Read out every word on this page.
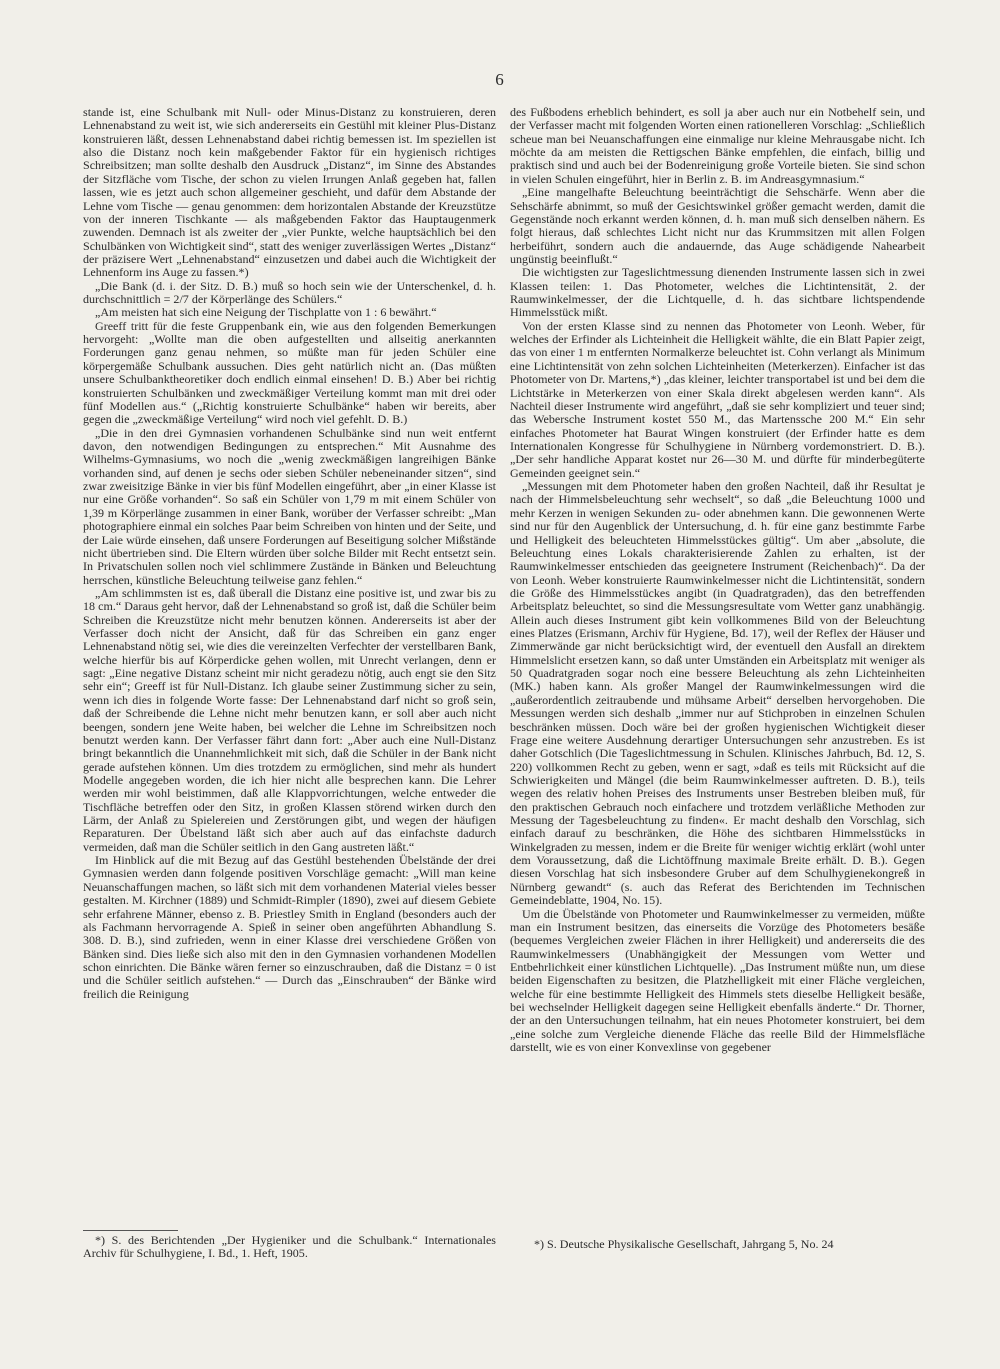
6

stande ist, eine Schulbank mit Null- oder Minus-Distanz zu konstruieren, deren Lehnenabstand zu weit ist, wie sich andererseits ein Gestühl mit kleiner Plus-Distanz konstruieren läßt, dessen Lehnenabstand dabei richtig bemessen ist. Im speziellen ist also die Distanz noch kein maßgebender Faktor für ein hygienisch richtiges Schreibsitzen; man sollte deshalb den Ausdruck „Distanz“, im Sinne des Abstandes der Sitzfläche vom Tische, der schon zu vielen Irrungen Anlaß gegeben hat, fallen lassen, wie es jetzt auch schon allgemeiner geschieht, und dafür dem Abstande der Lehne vom Tische — genau genommen: dem horizontalen Abstande der Kreuzstütze von der inneren Tischkante — als maßgebenden Faktor das Hauptaugenmerk zuwenden. Demnach ist als zweiter der „vier Punkte, welche hauptsächlich bei den Schulbänken von Wichtigkeit sind“, statt des weniger zuverlässigen Wertes „Distanz“ der präzisere Wert „Lehnenabstand“ einzusetzen und dabei auch die Wichtigkeit der Lehnenform ins Auge zu fassen.*)

„Die Bank (d. i. der Sitz. D. B.) muß so hoch sein wie der Unterschenkel, d. h. durchschnittlich = 2/7 der Körperlänge des Schülers.“

„Am meisten hat sich eine Neigung der Tischplatte von 1 : 6 bewährt.“

Greeff tritt für die feste Gruppenbank ein, wie aus den folgenden Bemerkungen hervorgeht: „Wollte man die oben aufgestellten und allseitig anerkannten Forderungen ganz genau nehmen, so müßte man für jeden Schüler eine körpergemäße Schulbank aussuchen. Dies geht natürlich nicht an. (Das müßten unsere Schulbanktheoretiker doch endlich einmal einsehen! D. B.) Aber bei richtig konstruierten Schulbänken und zweckmäßiger Verteilung kommt man mit drei oder fünf Modellen aus.“ („Richtig konstruierte Schulbänke“ haben wir bereits, aber gegen die „zweckmäßige Verteilung“ wird noch viel gefehlt. D. B.)

„Die in den drei Gymnasien vorhandenen Schulbänke sind nun weit entfernt davon, den notwendigen Bedingungen zu entsprechen.“ Mit Ausnahme des Wilhelms-Gymnasiums, wo noch die „wenig zweckmäßigen langreihigen Bänke vorhanden sind, auf denen je sechs oder sieben Schüler nebeneinander sitzen“, sind zwar zweisitzige Bänke in vier bis fünf Modellen eingeführt, aber „in einer Klasse ist nur eine Größe vorhanden“. So saß ein Schüler von 1,79 m mit einem Schüler von 1,39 m Körperlänge zusammen in einer Bank, worüber der Verfasser schreibt: „Man photographiere einmal ein solches Paar beim Schreiben von hinten und der Seite, und der Laie würde einsehen, daß unsere Forderungen auf Beseitigung solcher Mißstände nicht übertrieben sind. Die Eltern würden über solche Bilder mit Recht entsetzt sein. In Privatschulen sollen noch viel schlimmere Zustände in Bänken und Beleuchtung herrschen, künstliche Beleuchtung teilweise ganz fehlen.“

„Am schlimmsten ist es, daß überall die Distanz eine positive ist, und zwar bis zu 18 cm.“ Daraus geht hervor, daß der Lehnenabstand so groß ist, daß die Schüler beim Schreiben die Kreuzstütze nicht mehr benutzen können. Andererseits ist aber der Verfasser doch nicht der Ansicht, daß für das Schreiben ein ganz enger Lehnenabstand nötig sei, wie dies die vereinzelten Verfechter der verstellbaren Bank, welche hierfür bis auf Körperdicke gehen wollen, mit Unrecht verlangen, denn er sagt: „Eine negative Distanz scheint mir nicht geradezu nötig, auch engt sie den Sitz sehr ein“; Greeff ist für Null-Distanz. Ich glaube seiner Zustimmung sicher zu sein, wenn ich dies in folgende Worte fasse: Der Lehnenabstand darf nicht so groß sein, daß der Schreibende die Lehne nicht mehr benutzen kann, er soll aber auch nicht beengen, sondern jene Weite haben, bei welcher die Lehne im Schreibsitzen noch benutzt werden kann. Der Verfasser fährt dann fort: „Aber auch eine Null-Distanz bringt bekanntlich die Unannehmlichkeit mit sich, daß die Schüler in der Bank nicht gerade aufstehen können. Um dies trotzdem zu ermöglichen, sind mehr als hundert Modelle angegeben worden, die ich hier nicht alle besprechen kann. Die Lehrer werden mir wohl beistimmen, daß alle Klappvorrichtungen, welche entweder die Tischfläche betreffen oder den Sitz, in großen Klassen störend wirken durch den Lärm, der Anlaß zu Spielereien und Zerstörungen gibt, und wegen der häufigen Reparaturen. Der Übelstand läßt sich aber auch auf das einfachste dadurch vermeiden, daß man die Schüler seitlich in den Gang austreten läßt.“

Im Hinblick auf die mit Bezug auf das Gestühl bestehenden Übelstände der drei Gymnasien werden dann folgende positiven Vorschläge gemacht: „Will man keine Neuanschaffungen machen, so läßt sich mit dem vorhandenen Material vieles besser gestalten. M. Kirchner (1889) und Schmidt-Rimpler (1890), zwei auf diesem Gebiete sehr erfahrene Männer, ebenso z. B. Priestley Smith in England (besonders auch der als Fachmann hervorragende A. Spieß in seiner oben angeführten Abhandlung S. 308. D. B.), sind zufrieden, wenn in einer Klasse drei verschiedene Größen von Bänken sind. Dies ließe sich also mit den in den Gymnasien vorhandenen Modellen schon einrichten. Die Bänke wären ferner so einzuschrauben, daß die Distanz = 0 ist und die Schüler seitlich aufstehen.“ — Durch das „Einschrauben“ der Bänke wird freilich die Reinigung

des Fußbodens erheblich behindert, es soll ja aber auch nur ein Notbehelf sein, und der Verfasser macht mit folgenden Worten einen rationelleren Vorschlag: „Schließlich scheue man bei Neuanschaffungen eine einmalige nur kleine Mehrausgabe nicht. Ich möchte da am meisten die Rettigschen Bänke empfehlen, die einfach, billig und praktisch sind und auch bei der Bodenreinigung große Vorteile bieten. Sie sind schon in vielen Schulen eingeführt, hier in Berlin z. B. im Andreasgymnasium.“

„Eine mangelhafte Beleuchtung beeinträchtigt die Sehschärfe. Wenn aber die Sehschärfe abnimmt, so muß der Gesichtswinkel größer gemacht werden, damit die Gegenstände noch erkannt werden können, d. h. man muß sich denselben nähern. Es folgt hieraus, daß schlechtes Licht nicht nur das Krummsitzen mit allen Folgen herbeiführt, sondern auch die andauernde, das Auge schädigende Nahearbeit ungünstig beeinflußt.“

Die wichtigsten zur Tageslichtmessung dienenden Instrumente lassen sich in zwei Klassen teilen: 1. Das Photometer, welches die Lichtintensität, 2. der Raumwinkelmesser, der die Lichtquelle, d. h. das sichtbare lichtspendende Himmelsstück mißt.

Von der ersten Klasse sind zu nennen das Photometer von Leonh. Weber, für welches der Erfinder als Lichteinheit die Helligkeit wählte, die ein Blatt Papier zeigt, das von einer 1 m entfernten Normalkerze beleuchtet ist. Cohn verlangt als Minimum eine Lichtintensität von zehn solchen Lichteinheiten (Meterkerzen). Einfacher ist das Photometer von Dr. Martens,*) „das kleiner, leichter transportabel ist und bei dem die Lichtstärke in Meterkerzen von einer Skala direkt abgelesen werden kann“. Als Nachteil dieser Instrumente wird angeführt, „daß sie sehr kompliziert und teuer sind; das Webersche Instrument kostet 550 M., das Martenssche 200 M.“ Ein sehr einfaches Photometer hat Baurat Wingen konstruiert (der Erfinder hatte es dem Internationalen Kongresse für Schulhygiene in Nürnberg vordemonstriert. D. B.). „Der sehr handliche Apparat kostet nur 26—30 M. und dürfte für minderbegüterte Gemeinden geeignet sein.“

„Messungen mit dem Photometer haben den großen Nachteil, daß ihr Resultat je nach der Himmelsbeleuchtung sehr wechselt“, so daß „die Beleuchtung 1000 und mehr Kerzen in wenigen Sekunden zu- oder abnehmen kann. Die gewonnenen Werte sind nur für den Augenblick der Untersuchung, d. h. für eine ganz bestimmte Farbe und Helligkeit des beleuchteten Himmelsstückes gültig“. Um aber „absolute, die Beleuchtung eines Lokals charakterisierende Zahlen zu erhalten, ist der Raumwinkelmesser entschieden das geeignetere Instrument (Reichenbach)“. Da der von Leonh. Weber konstruierte Raumwinkelmesser nicht die Lichtintensität, sondern die Größe des Himmelsstückes angibt (in Quadratgraden), das den betreffenden Arbeitsplatz beleuchtet, so sind die Messungsresultate vom Wetter ganz unabhängig. Allein auch dieses Instrument gibt kein vollkommenes Bild von der Beleuchtung eines Platzes (Erismann, Archiv für Hygiene, Bd. 17), weil der Reflex der Häuser und Zimmerwände gar nicht berücksichtigt wird, der eventuell den Ausfall an direktem Himmelslicht ersetzen kann, so daß unter Umständen ein Arbeitsplatz mit weniger als 50 Quadratgraden sogar noch eine bessere Beleuchtung als zehn Lichteinheiten (MK.) haben kann. Als großer Mangel der Raumwinkelmessungen wird die „außerordentlich zeitraubende und mühsame Arbeit“ derselben hervorgehoben. Die Messungen werden sich deshalb „immer nur auf Stichproben in einzelnen Schulen beschränken müssen. Doch wäre bei der großen hygienischen Wichtigkeit dieser Frage eine weitere Ausdehnung derartiger Untersuchungen sehr anzustreben. Es ist daher Gotschlich (Die Tageslichtmessung in Schulen. Klinisches Jahrbuch, Bd. 12, S. 220) vollkommen Recht zu geben, wenn er sagt, »daß es teils mit Rücksicht auf die Schwierigkeiten und Mängel (die beim Raumwinkelmesser auftreten. D. B.), teils wegen des relativ hohen Preises des Instruments unser Bestreben bleiben muß, für den praktischen Gebrauch noch einfachere und trotzdem verläßliche Methoden zur Messung der Tagesbeleuchtung zu finden«. Er macht deshalb den Vorschlag, sich einfach darauf zu beschränken, die Höhe des sichtbaren Himmelsstücks in Winkelgraden zu messen, indem er die Breite für weniger wichtig erklärt (wohl unter dem Voraussetzung, daß die Lichtöffnung maximale Breite erhält. D. B.). Gegen diesen Vorschlag hat sich insbesondere Gruber auf dem Schulhygienekongreß in Nürnberg gewandt“ (s. auch das Referat des Berichtenden im Technischen Gemeindeblatte, 1904, No. 15).

Um die Übelstände von Photometer und Raumwinkelmesser zu vermeiden, müßte man ein Instrument besitzen, das einerseits die Vorzüge des Photometers besäße (bequemes Vergleichen zweier Flächen in ihrer Helligkeit) und andererseits die des Raumwinkelmessers (Unabhängigkeit der Messungen vom Wetter und Entbehrlichkeit einer künstlichen Lichtquelle). „Das Instrument müßte nun, um diese beiden Eigenschaften zu besitzen, die Platzhelligkeit mit einer Fläche vergleichen, welche für eine bestimmte Helligkeit des Himmels stets dieselbe Helligkeit besäße, bei wechselnder Helligkeit dagegen seine Helligkeit ebenfalls änderte.“ Dr. Thorner, der an den Untersuchungen teilnahm, hat ein neues Photometer konstruiert, bei dem „eine solche zum Vergleiche dienende Fläche das reelle Bild der Himmelsfläche darstellt, wie es von einer Konvexlinse von gegebener

*) S. des Berichtenden „Der Hygieniker und die Schulbank.“ Internationales Archiv für Schulhygiene, I. Bd., 1. Heft, 1905.
*) S. Deutsche Physikalische Gesellschaft, Jahrgang 5, No. 24
